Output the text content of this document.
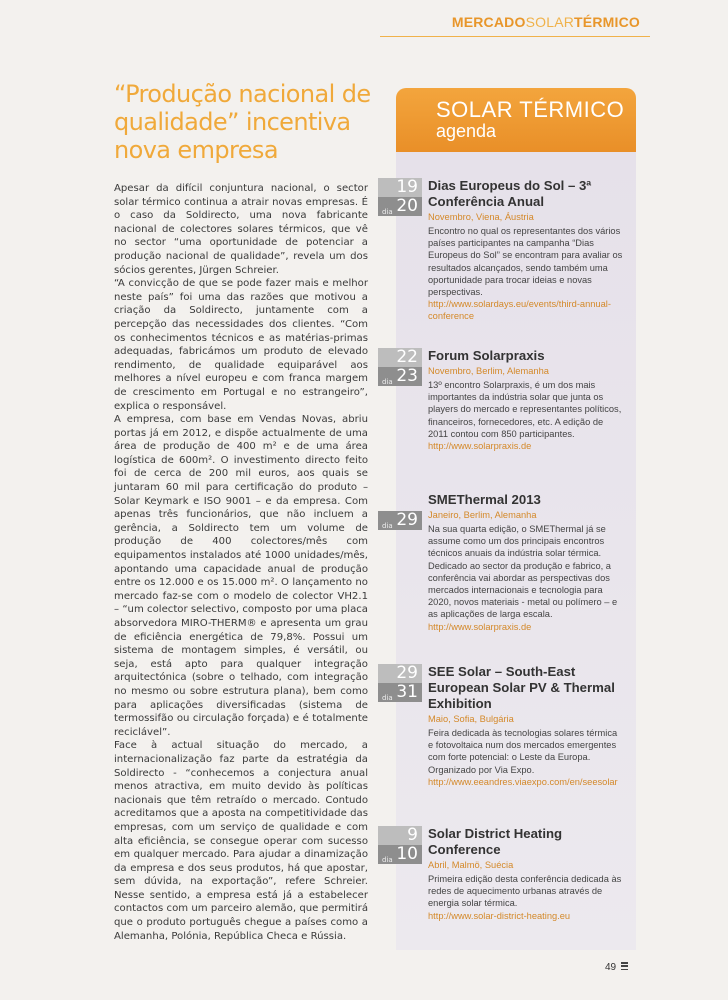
MERCADOSOLARTÉRMICO
“Produção nacional de qualidade” incentiva nova empresa

Apesar da difícil conjuntura nacional, o sector solar térmico continua a atrair novas empresas. É o caso da Soldirecto, uma nova fabricante nacional de colectores solares térmicos, que vê no sector “uma oportunidade de potenciar a produção nacional de qualidade”, revela um dos sócios gerentes, Jürgen Schreier.

“A convicção de que se pode fazer mais e melhor neste país” foi uma das razões que motivou a criação da Soldirecto, juntamente com a percepção das necessidades dos clientes. “Com os conhecimentos técnicos e as matérias-primas adequadas, fabricámos um produto de elevado rendimento, de qualidade equiparável aos melhores a nível europeu e com franca margem de crescimento em Portugal e no estrangeiro”, explica o responsável.

A empresa, com base em Vendas Novas, abriu portas já em 2012, e dispõe actualmente de uma área de produção de 400 m² e de uma área logística de 600m². O investimento directo feito foi de cerca de 200 mil euros, aos quais se juntaram 60 mil para certificação do produto – Solar Keymark e ISO 9001 – e da empresa. Com apenas três funcionários, que não incluem a gerência, a Soldirecto tem um volume de produção de 400 colectores/mês com equipamentos instalados até 1000 unidades/mês, apontando uma capacidade anual de produção entre os 12.000 e os 15.000 m². O lançamento no mercado faz-se com o modelo de colector VH2.1 – “um colector selectivo, composto por uma placa absorvedora MIRO-THERM® e apresenta um grau de eficiência energética de 79,8%. Possui um sistema de montagem simples, é versátil, ou seja, está apto para qualquer integração arquitectónica (sobre o telhado, com integração no mesmo ou sobre estrutura plana), bem como para aplicações diversificadas (sistema de termossifão ou circulação forçada) e é totalmente reciclável”.

Face à actual situação do mercado, a internacionalização faz parte da estratégia da Soldirecto - “conhecemos a conjectura anual menos atractiva, em muito devido às políticas nacionais que têm retraído o mercado. Contudo acreditamos que a aposta na competitividade das empresas, com um serviço de qualidade e com alta eficiência, se consegue operar com sucesso em qualquer mercado. Para ajudar a dinamização da empresa e dos seus produtos, há que apostar, sem dúvida, na exportação”, refere Schreier. Nesse sentido, a empresa está já a estabelecer contactos com um parceiro alemão, que permitirá que o produto português chegue a países como a Alemanha, Polónia, República Checa e Rússia.

SOLAR TÉRMICO
agenda
19
dia 20

Dias Europeus do Sol – 3ª Conferência Anual

Novembro, Viena, Áustria

Encontro no qual os representantes dos vários países participantes na campanha “Dias Europeus do Sol” se encontram para avaliar os resultados alcançados, sendo também uma oportunidade para trocar ideias e novas perspectivas.

http://www.solardays.eu/events/third-annual-conference

22
dia 23

Forum Solarpraxis

Novembro, Berlim, Alemanha

13º encontro Solarpraxis, é um dos mais importantes da indústria solar que junta os players do mercado e representantes políticos, financeiros, fornecedores, etc. A edição de 2011 contou com 850 participantes.

http://www.solarpraxis.de

dia 29

SMEThermal 2013

Janeiro, Berlim, Alemanha

Na sua quarta edição, o SMEThermal já se assume como um dos principais encontros técnicos anuais da indústria solar térmica. Dedicado ao sector da produção e fabrico, a conferência vai abordar as perspectivas dos mercados internacionais e tecnologia para 2020, novos materiais - metal ou polímero – e as aplicações de larga escala.

http://www.solarpraxis.de

29
dia 31

SEE Solar – South-East European Solar PV & Thermal Exhibition

Maio, Sofia, Bulgária

Feira dedicada às tecnologias solares térmica e fotovoltaica num dos mercados emergentes com forte potencial: o Leste da Europa. Organizado por Via Expo.

http://www.eeandres.viaexpo.com/en/seesolar

9
dia 10

Solar District Heating Conference

Abril, Malmö, Suécia

Primeira edição desta conferência dedicada às redes de aquecimento urbanas através de energia solar térmica.

http://www.solar-district-heating.eu

49
